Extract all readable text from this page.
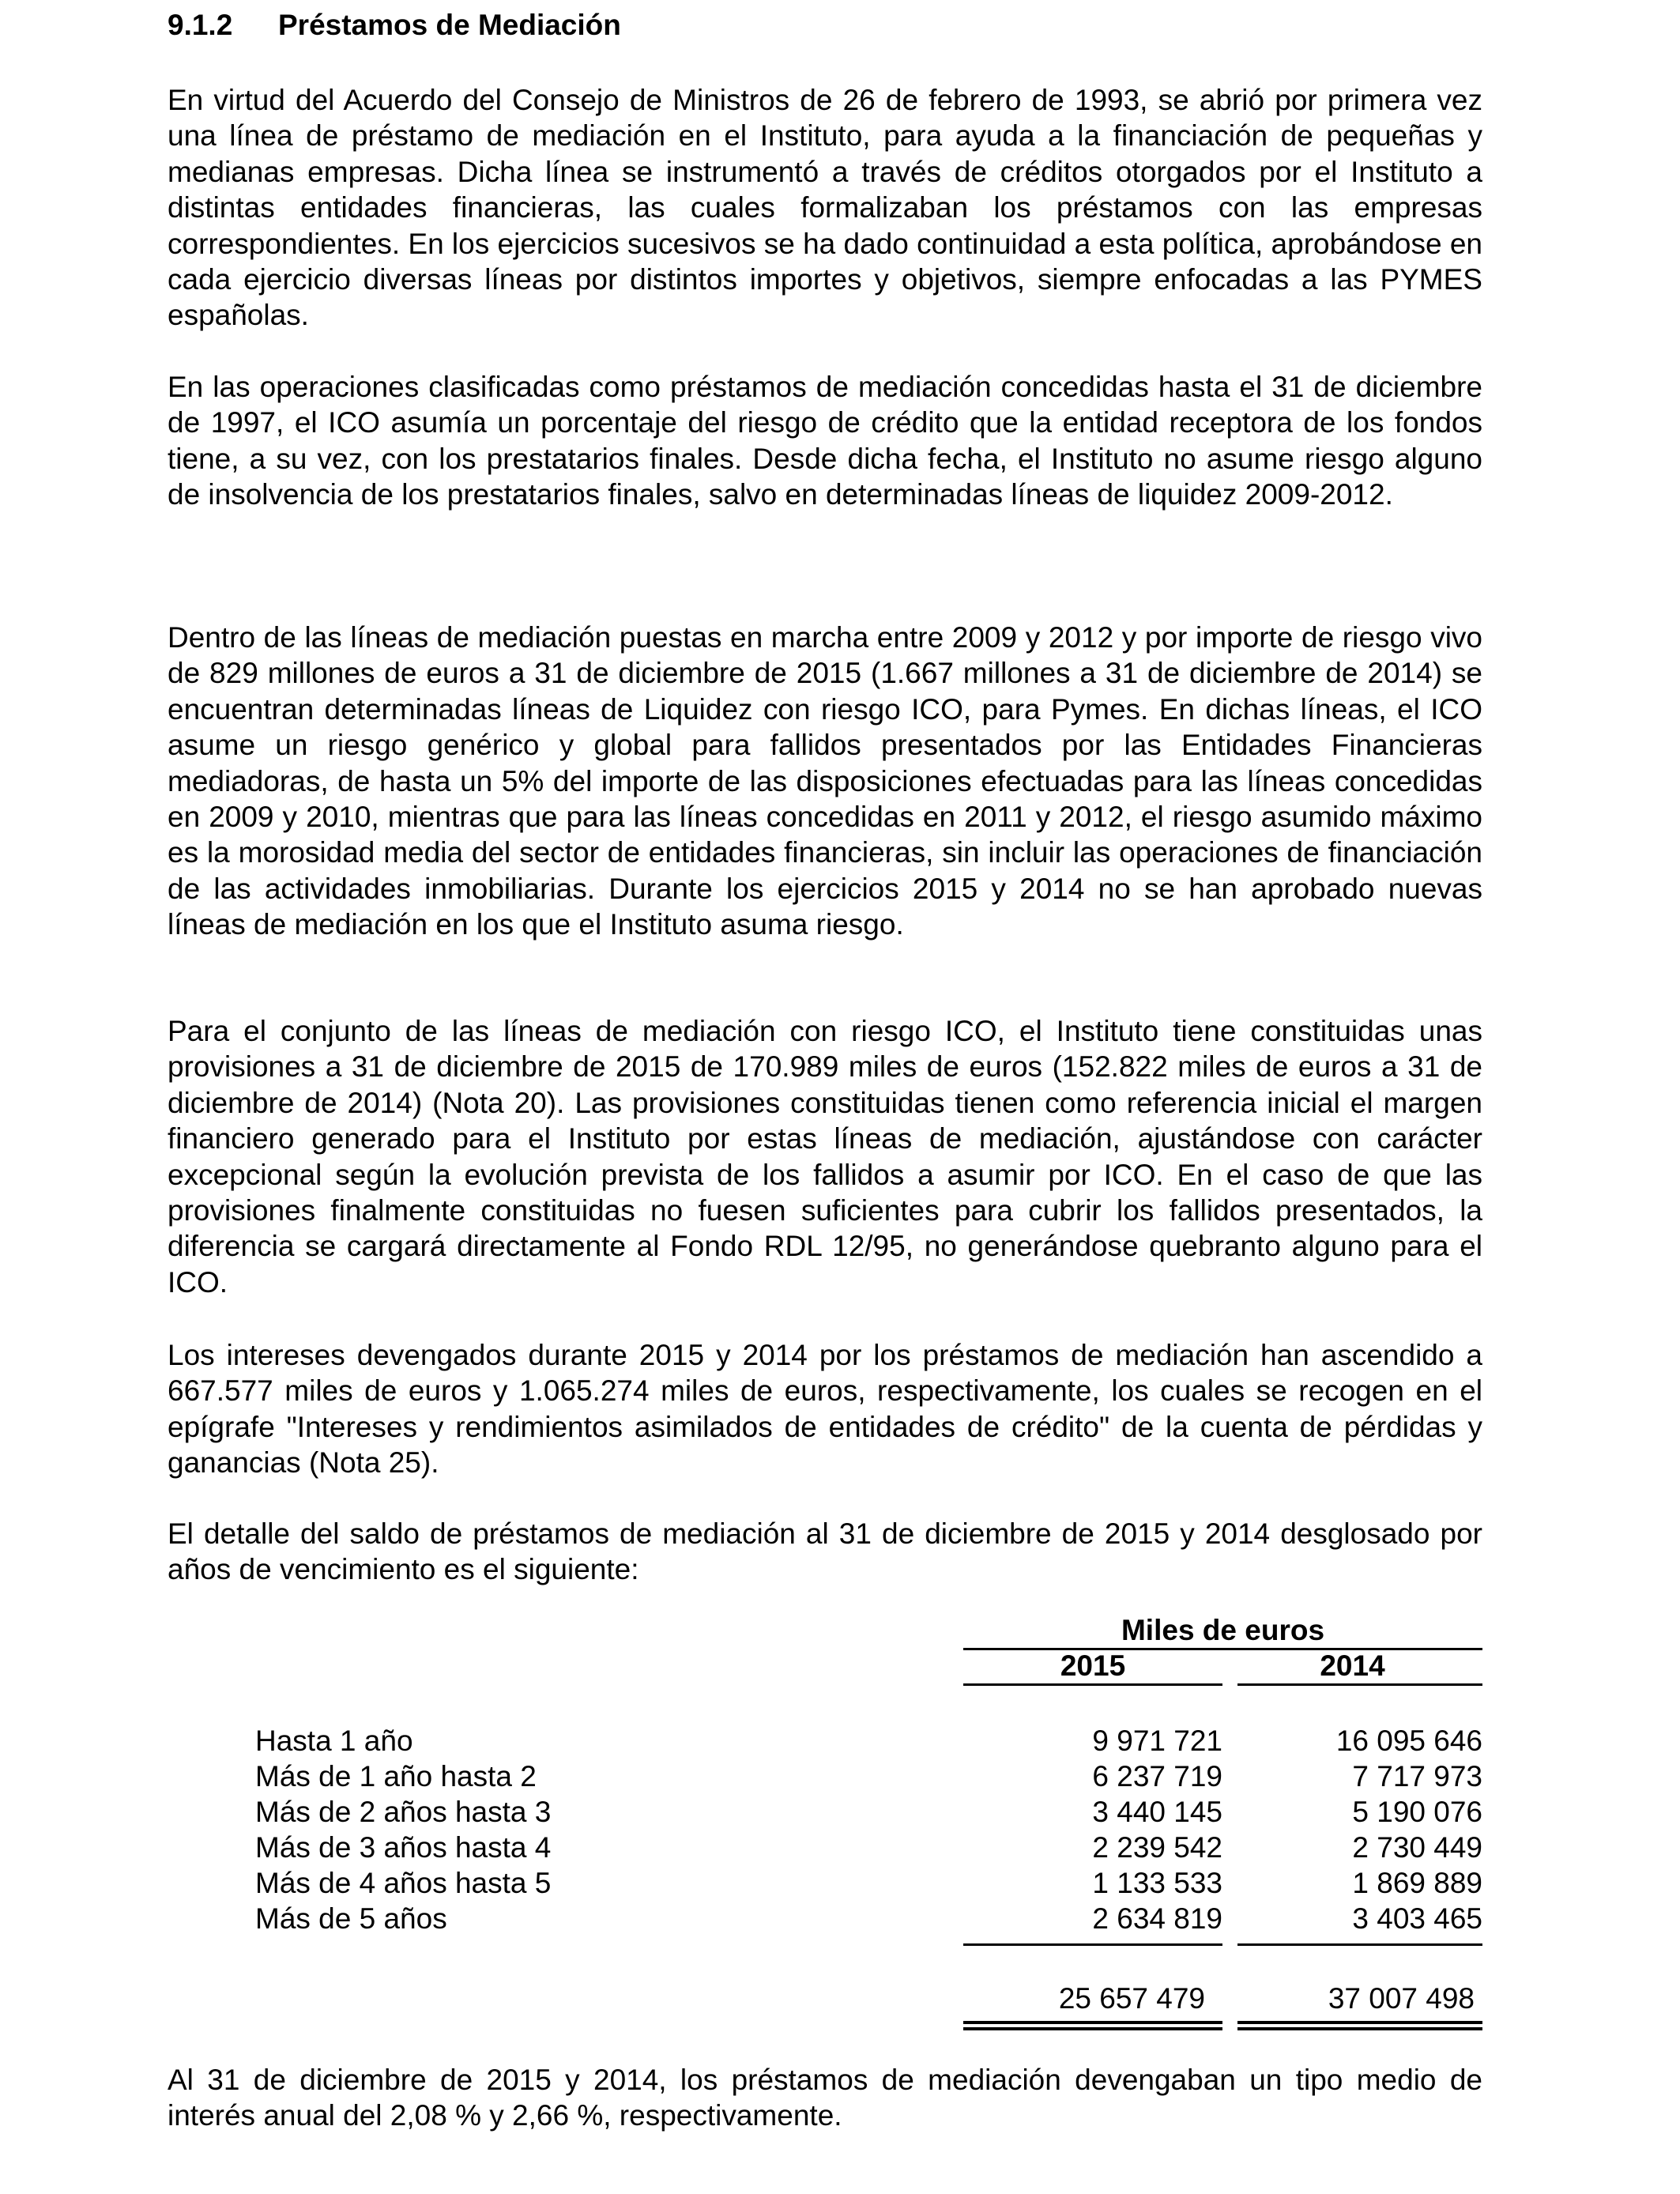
9.1.2 Préstamos de Mediación

En virtud del Acuerdo del Consejo de Ministros de 26 de febrero de 1993, se abrió por primera vez una línea de préstamo de mediación en el Instituto, para ayuda a la financiación de pequeñas y medianas empresas. Dicha línea se instrumentó a través de créditos otorgados por el Instituto a distintas entidades financieras, las cuales formalizaban los préstamos con las empresas correspondientes. En los ejercicios sucesivos se ha dado continuidad a esta política, aprobándose en cada ejercicio diversas líneas por distintos importes y objetivos, siempre enfocadas a las PYMES españolas.

En las operaciones clasificadas como préstamos de mediación concedidas hasta el 31 de diciembre de 1997, el ICO asumía un porcentaje del riesgo de crédito que la entidad receptora de los fondos tiene, a su vez, con los prestatarios finales. Desde dicha fecha, el Instituto no asume riesgo alguno de insolvencia de los prestatarios finales, salvo en determinadas líneas de liquidez 2009-2012.

Dentro de las líneas de mediación puestas en marcha entre 2009 y 2012 y por importe de riesgo vivo de 829 millones de euros a 31 de diciembre de 2015 (1.667 millones a 31 de diciembre de 2014) se encuentran determinadas líneas de Liquidez con riesgo ICO, para Pymes. En dichas líneas, el ICO asume un riesgo genérico y global para fallidos presentados por las Entidades Financieras mediadoras, de hasta un 5% del importe de las disposiciones efectuadas para las líneas concedidas en 2009 y 2010, mientras que para las líneas concedidas en 2011 y 2012, el riesgo asumido máximo es la morosidad media del sector de entidades financieras, sin incluir las operaciones de financiación de las actividades inmobiliarias. Durante los ejercicios 2015 y 2014 no se han aprobado nuevas líneas de mediación en los que el Instituto asuma riesgo.

Para el conjunto de las líneas de mediación con riesgo ICO, el Instituto tiene constituidas unas provisiones a 31 de diciembre de 2015 de 170.989 miles de euros (152.822 miles de euros a 31 de diciembre de 2014) (Nota 20). Las provisiones constituidas tienen como referencia inicial el margen financiero generado para el Instituto por estas líneas de mediación, ajustándose con carácter excepcional según la evolución prevista de los fallidos a asumir por ICO. En el caso de que las provisiones finalmente constituidas no fuesen suficientes para cubrir los fallidos presentados, la diferencia se cargará directamente al Fondo RDL 12/95, no generándose quebranto alguno para el ICO.

Los intereses devengados durante 2015 y 2014 por los préstamos de mediación han ascendido a 667.577 miles de euros y 1.065.274 miles de euros, respectivamente, los cuales se recogen en el epígrafe "Intereses y rendimientos asimilados de entidades de crédito" de la cuenta de pérdidas y ganancias (Nota 25).

El detalle del saldo de préstamos de mediación al 31 de diciembre de 2015 y 2014 desglosado por años de vencimiento es el siguiente:

Miles de euros
2015	2014
Hasta 1 año	9 971 721	16 095 646
Más de 1 año hasta 2	6 237 719	7 717 973
Más de 2 años hasta 3	3 440 145	5 190 076
Más de 3 años hasta 4	2 239 542	2 730 449
Más de 4 años hasta 5	1 133 533	1 869 889
Más de 5 años	2 634 819	3 403 465
25 657 479	37 007 498

Al 31 de diciembre de 2015 y 2014, los préstamos de mediación devengaban un tipo medio de interés anual del 2,08 % y 2,66 %, respectivamente.
